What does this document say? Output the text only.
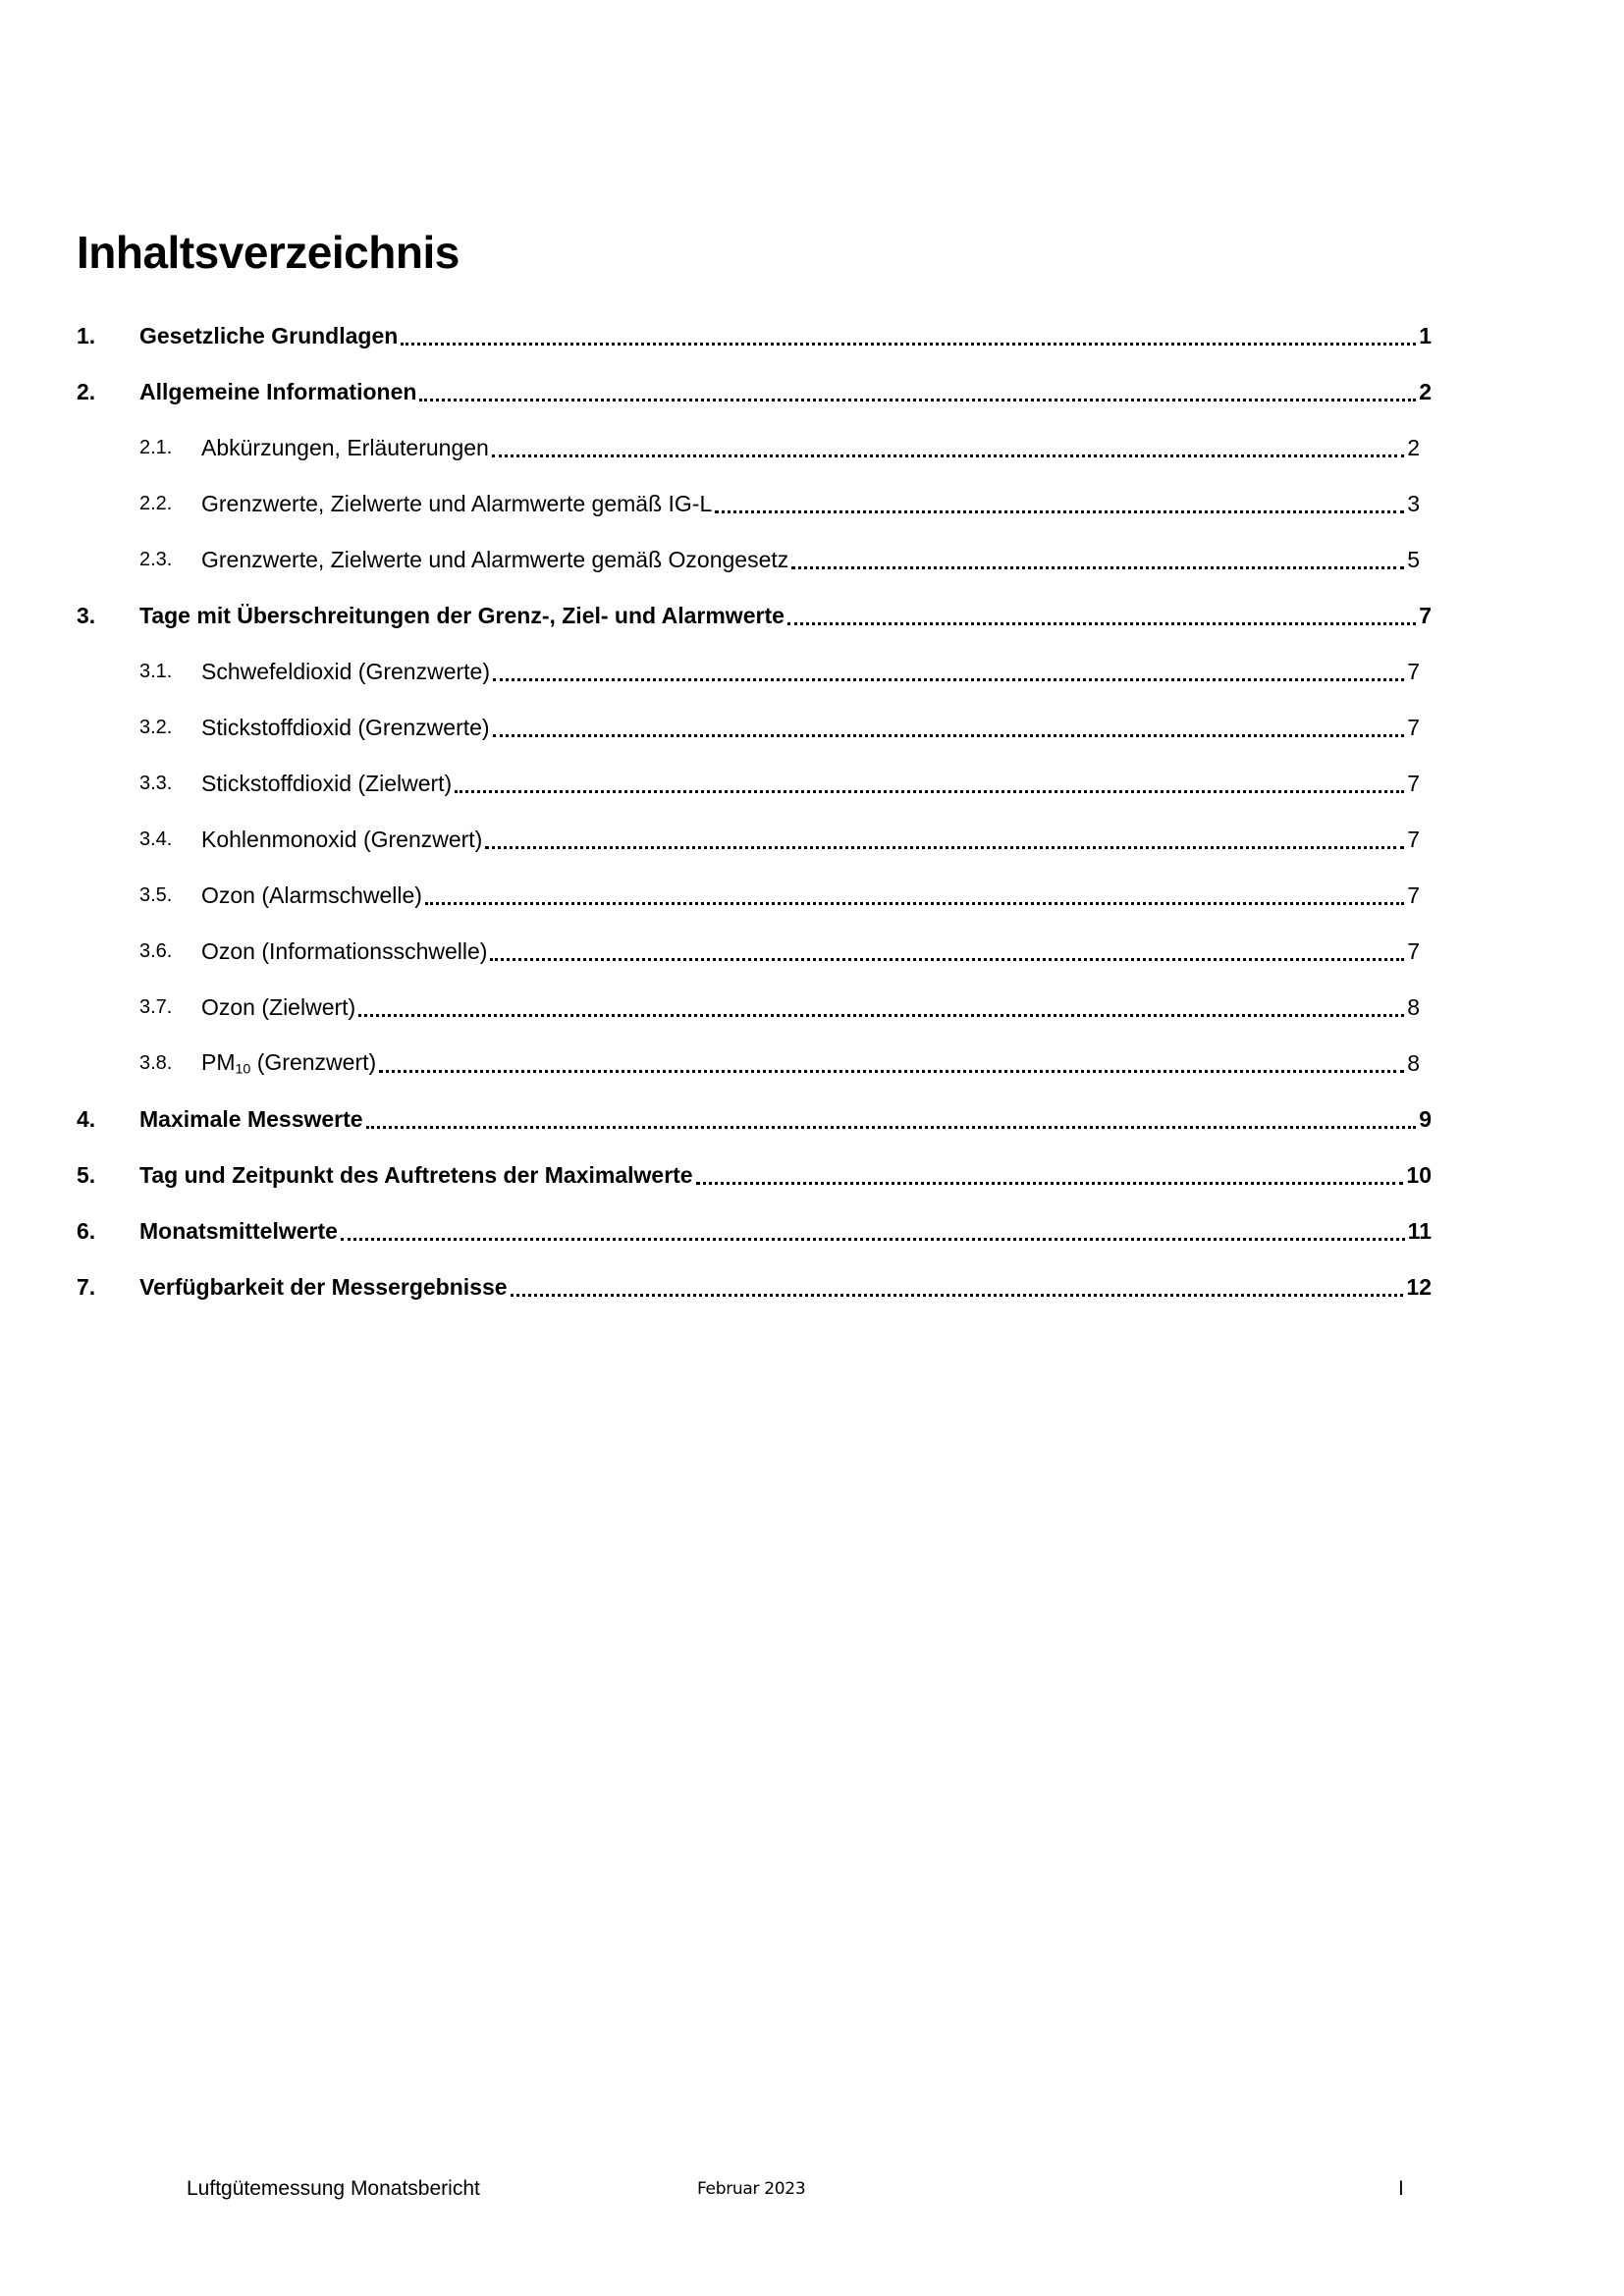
Inhaltsverzeichnis
1.	Gesetzliche Grundlagen	1
2.	Allgemeine Informationen	2
2.1.	Abkürzungen, Erläuterungen	2
2.2.	Grenzwerte, Zielwerte und Alarmwerte gemäß IG-L	3
2.3.	Grenzwerte, Zielwerte und Alarmwerte gemäß Ozongesetz	5
3.	Tage mit Überschreitungen der Grenz-, Ziel- und Alarmwerte	7
3.1.	Schwefeldioxid (Grenzwerte)	7
3.2.	Stickstoffdioxid (Grenzwerte)	7
3.3.	Stickstoffdioxid (Zielwert)	7
3.4.	Kohlenmonoxid (Grenzwert)	7
3.5.	Ozon (Alarmschwelle)	7
3.6.	Ozon (Informationsschwelle)	7
3.7.	Ozon (Zielwert)	8
3.8.	$PM_{10}$ (Grenzwert)	8
4.	Maximale Messwerte	9
5.	Tag und Zeitpunkt des Auftretens der Maximalwerte	10
6.	Monatsmittelwerte	11
7.	Verfügbarkeit der Messergebnisse	12
Luftgütemessung Monatsbericht	Februar 2023	I
